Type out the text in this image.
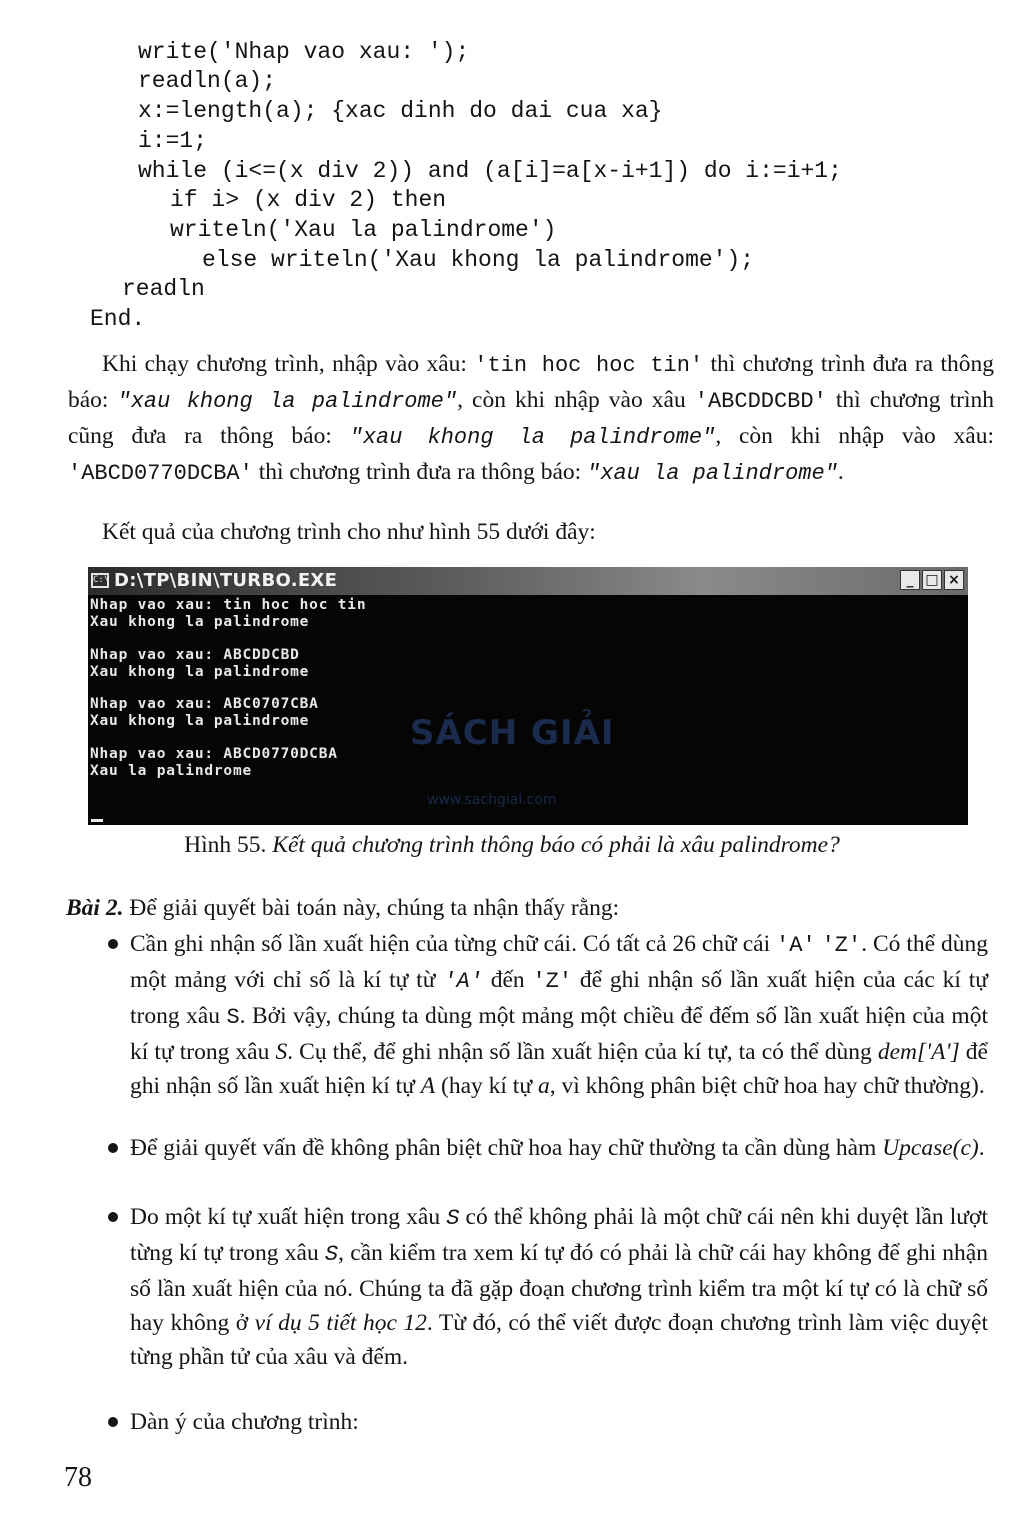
write('Nhap vao xau: ');
readln(a);
x:=length(a); {xac dinh do dai cua xa}
i:=1;
while (i<=(x div 2)) and (a[i]=a[x-i+1]) do i:=i+1;
if i> (x div 2) then
writeln('Xau la palindrome')
else writeln('Xau khong la palindrome');
readln
End.
Khi chạy chương trình, nhập vào xâu: 'tin hoc hoc tin' thì chương trình đưa ra thông báo: "xau khong la palindrome", còn khi nhập vào xâu 'ABCDDCBD' thì chương trình cũng đưa ra thông báo: "xau khong la palindrome", còn khi nhập vào xâu: 'ABCD0770DCBA' thì chương trình đưa ra thông báo: "xau la palindrome".
Kết quả của chương trình cho như hình 55 dưới đây:
C:\ D:\TP\BIN\TURBO.EXE	_ □ ×
Nhap vao xau: tin hoc hoc tin
Xau khong la palindrome
Nhap vao xau: ABCDDCBD
Xau khong la palindrome
Nhap vao xau: ABC0707CBA
Xau khong la palindrome
Nhap vao xau: ABCD0770DCBA
Xau la palindrome
SÁCH GIẢI
www.sachgiai.com
Hình 55. Kết quả chương trình thông báo có phải là xâu palindrome?
Bài 2. Để giải quyết bài toán này, chúng ta nhận thấy rằng:
Cần ghi nhận số lần xuất hiện của từng chữ cái. Có tất cả 26 chữ cái 'A' 'Z'. Có thể dùng một mảng với chỉ số là kí tự từ 'A' đến 'Z' để ghi nhận số lần xuất hiện của các kí tự trong xâu S. Bởi vậy, chúng ta dùng một mảng một chiều để đếm số lần xuất hiện của một kí tự trong xâu S. Cụ thể, để ghi nhận số lần xuất hiện của kí tự, ta có thể dùng dem['A'] để ghi nhận số lần xuất hiện kí tự A (hay kí tự a, vì không phân biệt chữ hoa hay chữ thường).
Để giải quyết vấn đề không phân biệt chữ hoa hay chữ thường ta cần dùng hàm Upcase(c).
Do một kí tự xuất hiện trong xâu S có thể không phải là một chữ cái nên khi duyệt lần lượt từng kí tự trong xâu S, cần kiểm tra xem kí tự đó có phải là chữ cái hay không để ghi nhận số lần xuất hiện của nó. Chúng ta đã gặp đoạn chương trình kiểm tra một kí tự có là chữ số hay không ở ví dụ 5 tiết học 12. Từ đó, có thể viết được đoạn chương trình làm việc duyệt từng phần tử của xâu và đếm.
Dàn ý của chương trình:
78
